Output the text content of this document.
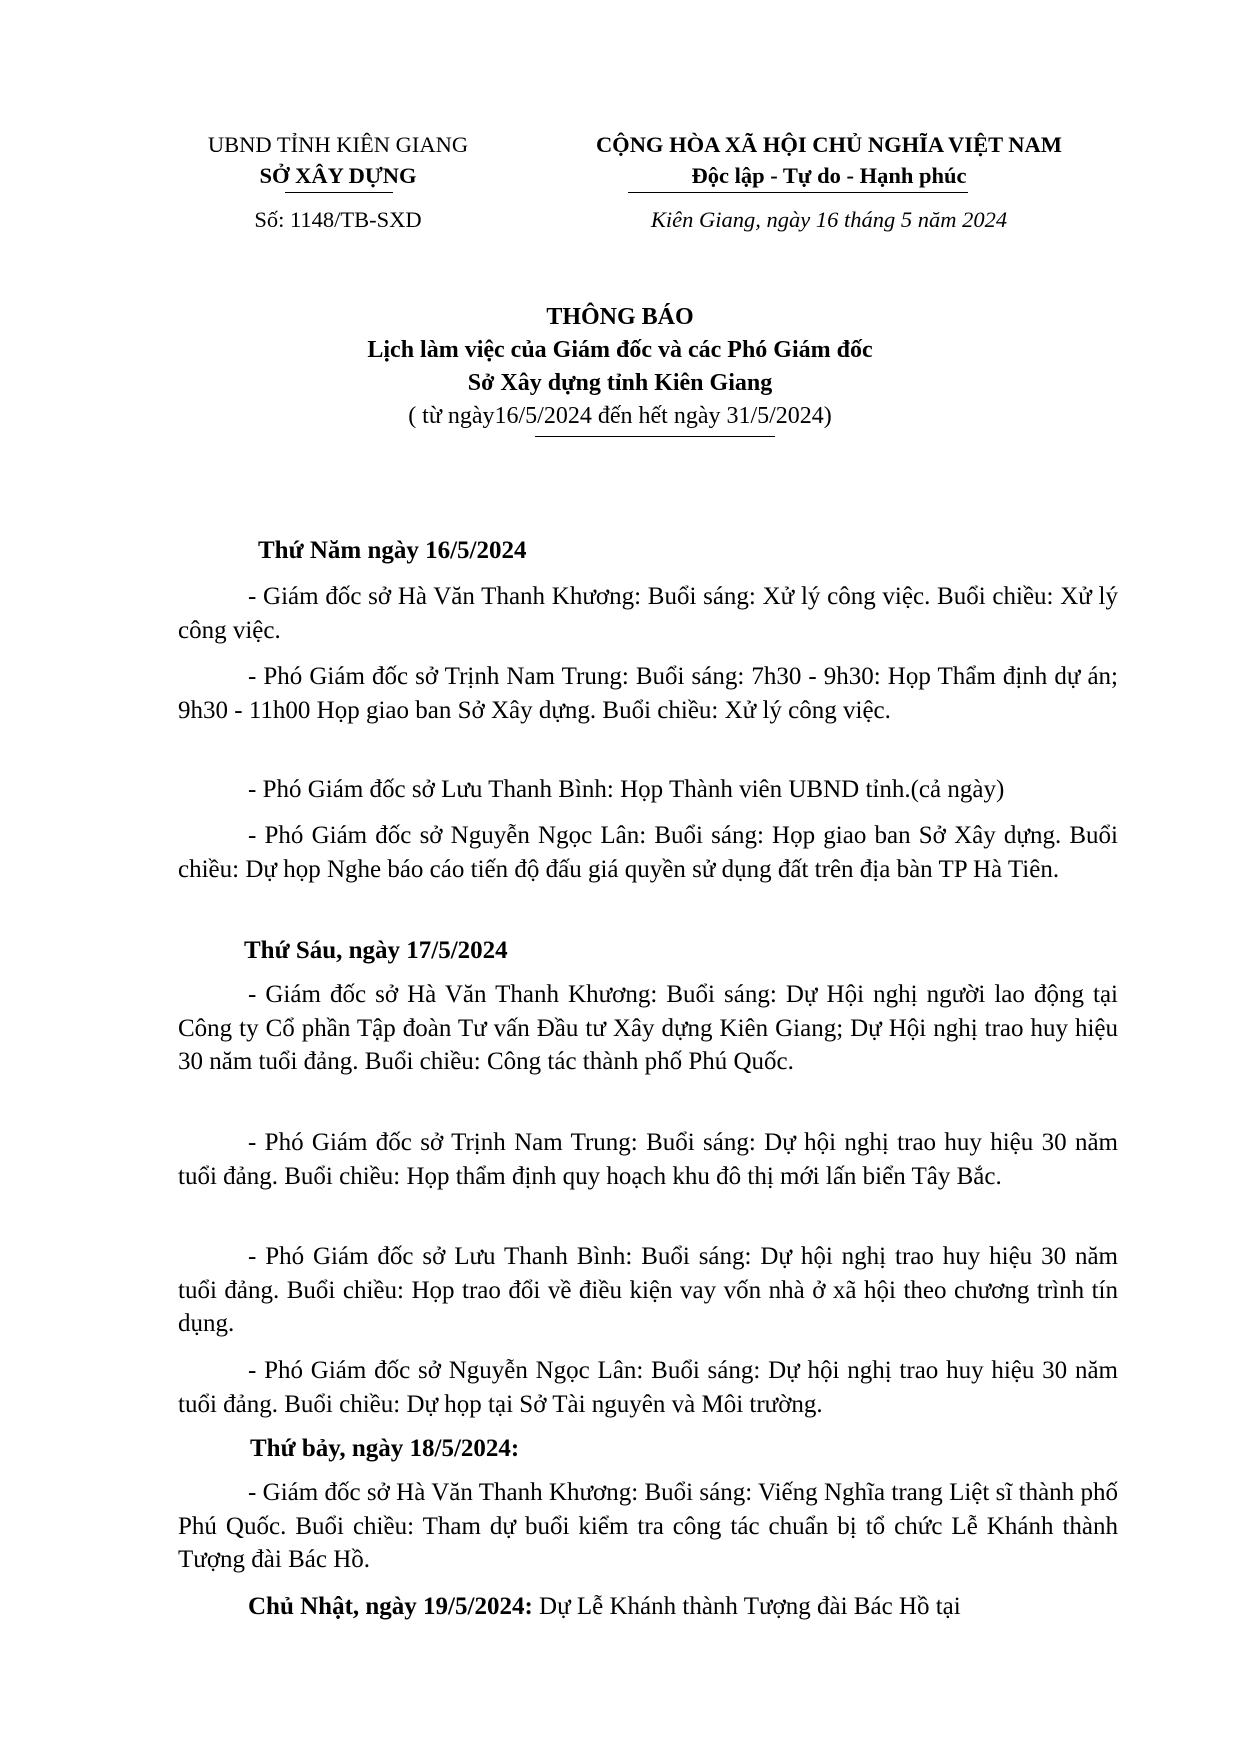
UBND TỈNH KIÊN GIANG
SỞ XÂY DỰNG
Số: 1148/TB-SXD
CỘNG HÒA XÃ HỘI CHỦ NGHĨA VIỆT NAM
Độc lập - Tự do - Hạnh phúc
Kiên Giang, ngày 16 tháng 5 năm 2024
THÔNG BÁO
Lịch làm việc của Giám đốc và các Phó Giám đốc
Sở Xây dựng tỉnh Kiên Giang
( từ ngày16/5/2024 đến hết ngày 31/5/2024)

Thứ Năm ngày 16/5/2024

- Giám đốc sở Hà Văn Thanh Khương: Buổi sáng: Xử lý công việc. Buổi chiều: Xử lý công việc.

- Phó Giám đốc sở Trịnh Nam Trung: Buổi sáng: 7h30 - 9h30: Họp Thẩm định dự án; 9h30 - 11h00 Họp giao ban Sở Xây dựng. Buổi chiều: Xử lý công việc.

- Phó Giám đốc sở Lưu Thanh Bình: Họp Thành viên UBND tỉnh.(cả ngày)

- Phó Giám đốc sở Nguyễn Ngọc Lân: Buổi sáng: Họp giao ban Sở Xây dựng. Buổi chiều: Dự họp Nghe báo cáo tiến độ đấu giá quyền sử dụng đất trên địa bàn TP Hà Tiên.

Thứ Sáu, ngày 17/5/2024

- Giám đốc sở Hà Văn Thanh Khương: Buổi sáng: Dự Hội nghị người lao động tại Công ty Cổ phần Tập đoàn Tư vấn Đầu tư Xây dựng Kiên Giang; Dự Hội nghị trao huy hiệu 30 năm tuổi đảng. Buổi chiều: Công tác thành phố Phú Quốc.

- Phó Giám đốc sở Trịnh Nam Trung: Buổi sáng: Dự hội nghị trao huy hiệu 30 năm tuổi đảng. Buổi chiều: Họp thẩm định quy hoạch khu đô thị mới lấn biển Tây Bắc.

- Phó Giám đốc sở Lưu Thanh Bình: Buổi sáng: Dự hội nghị trao huy hiệu 30 năm tuổi đảng. Buổi chiều: Họp trao đổi về điều kiện vay vốn nhà ở xã hội theo chương trình tín dụng.

- Phó Giám đốc sở Nguyễn Ngọc Lân: Buổi sáng: Dự hội nghị trao huy hiệu 30 năm tuổi đảng. Buổi chiều: Dự họp tại Sở Tài nguyên và Môi trường.

Thứ bảy, ngày 18/5/2024:

- Giám đốc sở Hà Văn Thanh Khương: Buổi sáng: Viếng Nghĩa trang Liệt sĩ thành phố Phú Quốc. Buổi chiều: Tham dự buổi kiểm tra công tác chuẩn bị tổ chức Lễ Khánh thành Tượng đài Bác Hồ.

Chủ Nhật, ngày 19/5/2024: Dự Lễ Khánh thành Tượng đài Bác Hồ tại
